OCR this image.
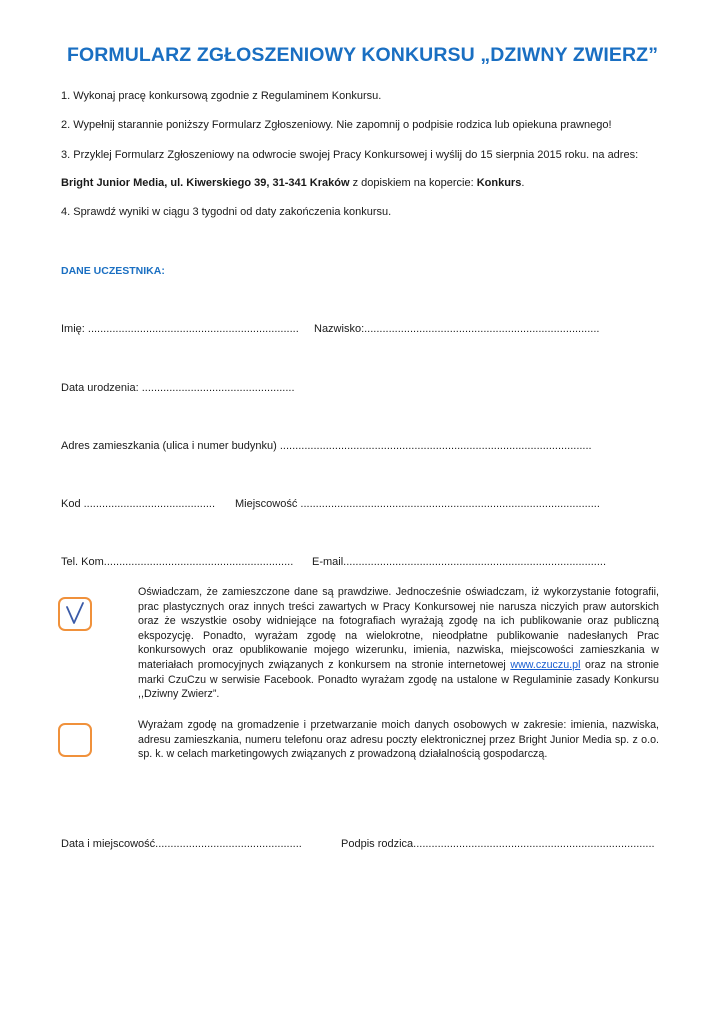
FORMULARZ ZGŁOSZENIOWY KONKURSU „DZIWNY ZWIERZ”
1. Wykonaj pracę konkursową zgodnie z Regulaminem Konkursu.
2. Wypełnij starannie poniższy Formularz Zgłoszeniowy. Nie zapomnij o podpisie rodzica lub opiekuna prawnego!
3. Przyklej Formularz Zgłoszeniowy na odwrocie swojej Pracy Konkursowej i wyślij do 15 sierpnia 2015 roku. na adres:
Bright Junior Media, ul. Kiwerskiego 39, 31-341 Kraków z dopiskiem na kopercie: Konkurs.
4. Sprawdź wyniki w ciągu 3 tygodni od daty zakończenia konkursu.
DANE UCZESTNIKA:
Imię: ..................................................................... Nazwisko:.............................................................................
Data urodzenia: ..................................................
Adres zamieszkania (ulica i numer budynku) ......................................................................................................
Kod ........................................... Miejscowość ..................................................................................................
Tel. Kom.............................................................. E-mail......................................................................................
Oświadczam, że zamieszczone dane są prawdziwe. Jednocześnie oświadczam, iż wykorzystanie fotografii, prac plastycznych oraz innych treści zawartych w Pracy Konkursowej nie narusza niczyich praw autorskich oraz że wszystkie osoby widniejące na fotografiach wyrażają zgodę na ich publikowanie oraz publiczną ekspozycję. Ponadto, wyrażam zgodę na wielokrotne, nieodpłatne publikowanie nadesłanych Prac konkursowych oraz opublikowanie mojego wizerunku, imienia, nazwiska, miejscowości zamieszkania w materiałach promocyjnych związanych z konkursem na stronie internetowej www.czuczu.pl oraz na stronie marki CzuCzu w serwisie Facebook. Ponadto wyrażam zgodę na ustalone w Regulaminie zasady Konkursu ,,Dziwny Zwierz”.
Wyrażam zgodę na gromadzenie i przetwarzanie moich danych osobowych w zakresie: imienia, nazwiska, adresu zamieszkania, numeru telefonu oraz adresu poczty elektronicznej przez Bright Junior Media sp. z o.o. sp. k. w celach marketingowych związanych z prowadzoną działalnością gospodarczą.
Data i miejscowość................................................	Podpis rodzica...............................................................................
